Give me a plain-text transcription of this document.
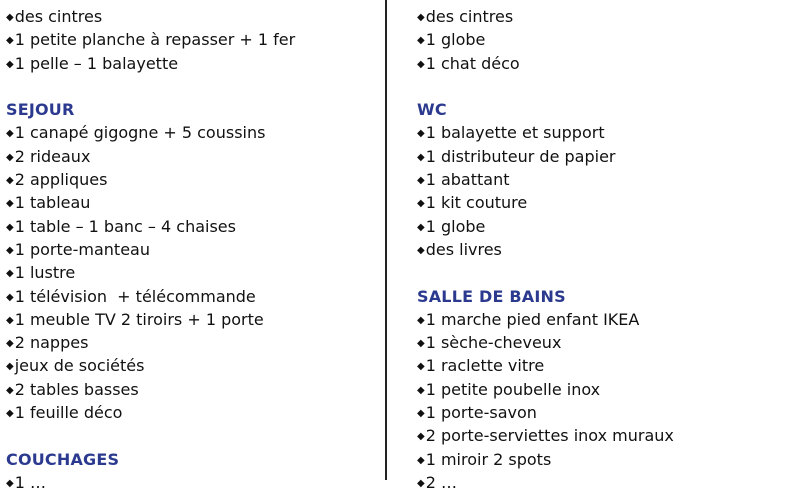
◆des cintres
◆1 petite planche à repasser + 1 fer
◆1 pelle – 1 balayette
SEJOUR
◆1 canapé gigogne + 5 coussins
◆2 rideaux
◆2 appliques
◆1 tableau
◆1 table – 1 banc – 4 chaises
◆1 porte-manteau
◆1 lustre
◆1 télévision  + télécommande
◆1 meuble TV 2 tiroirs + 1 porte
◆2 nappes
◆jeux de sociétés
◆2 tables basses
◆1 feuille déco
COUCHAGES
◆1 …
◆des cintres
◆1 globe
◆1 chat déco
WC
◆1 balayette et support
◆1 distributeur de papier
◆1 abattant
◆1 kit couture
◆1 globe
◆des livres
SALLE DE BAINS
◆1 marche pied enfant IKEA
◆1 sèche-cheveux
◆1 raclette vitre
◆1 petite poubelle inox
◆1 porte-savon
◆2 porte-serviettes inox muraux
◆1 miroir 2 spots
◆2 …
